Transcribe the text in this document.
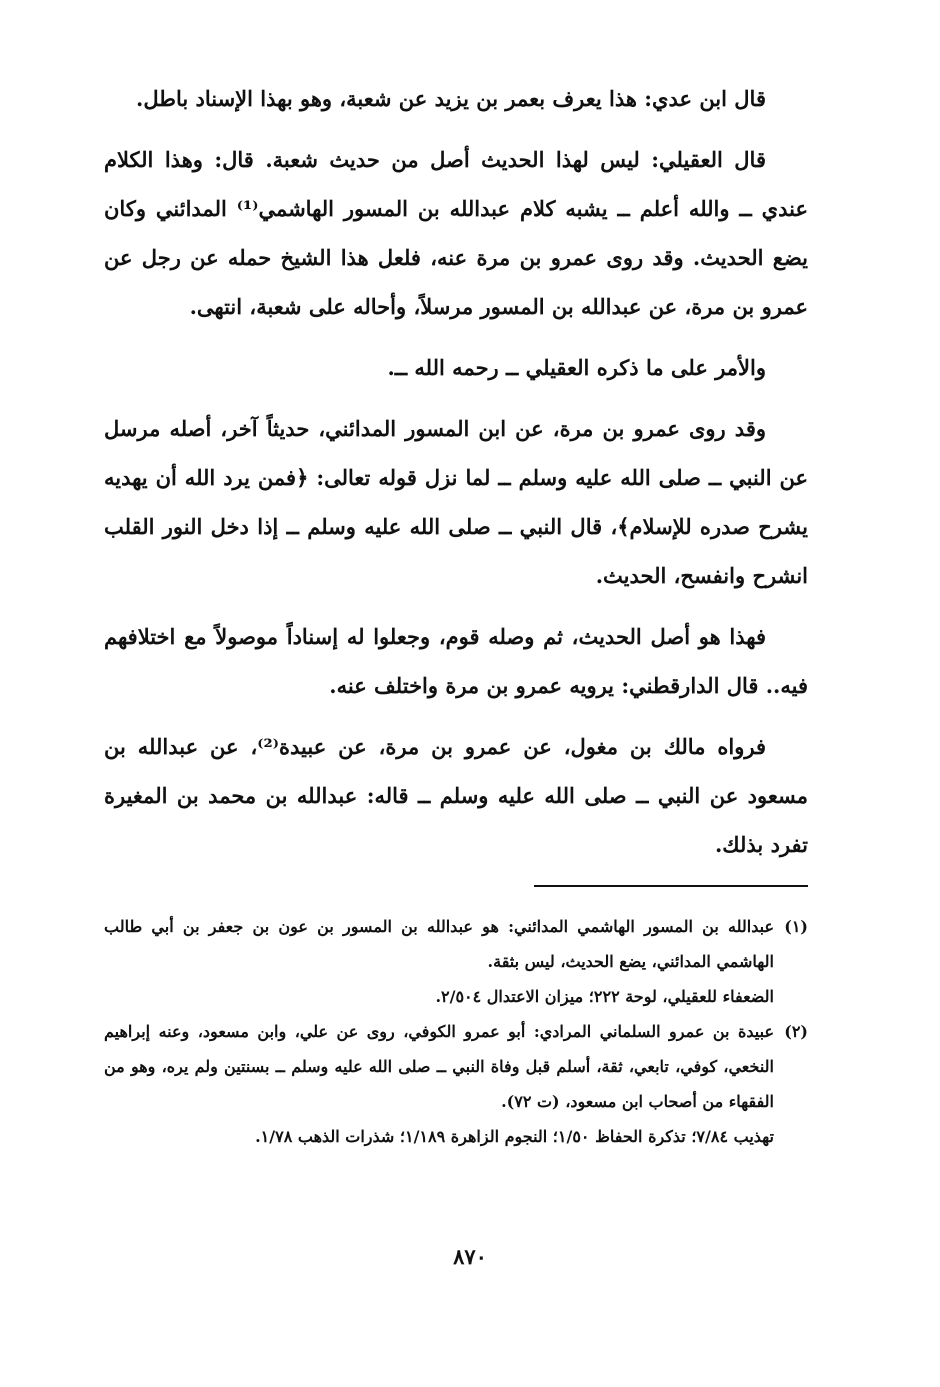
قال ابن عدي: هذا يعرف بعمر بن يزيد عن شعبة، وهو بهذا الإسناد باطل.

قال العقيلي: ليس لهذا الحديث أصل من حديث شعبة. قال: وهذا الكلام عندي ــ والله أعلم ــ يشبه كلام عبدالله بن المسور الهاشمي⁽¹⁾ المدائني وكان يضع الحديث. وقد روى عمرو بن مرة عنه، فلعل هذا الشيخ حمله عن رجل عن عمرو بن مرة، عن عبدالله بن المسور مرسلاً، وأحاله على شعبة، انتهى.

والأمر على ما ذكره العقيلي ــ رحمه الله ــ.

وقد روى عمرو بن مرة، عن ابن المسور المدائني، حديثاً آخر، أصله مرسل عن النبي ــ صلى الله عليه وسلم ــ لما نزل قوله تعالى: ﴿فمن يرد الله أن يهديه يشرح صدره للإسلام﴾، قال النبي ــ صلى الله عليه وسلم ــ إذا دخل النور القلب انشرح وانفسح، الحديث.

فهذا هو أصل الحديث، ثم وصله قوم، وجعلوا له إسناداً موصولاً مع اختلافهم فيه.. قال الدارقطني: يرويه عمرو بن مرة واختلف عنه.

فرواه مالك بن مغول، عن عمرو بن مرة، عن عبيدة⁽²⁾، عن عبدالله بن مسعود عن النبي ــ صلى الله عليه وسلم ــ قاله: عبدالله بن محمد بن المغيرة تفرد بذلك.

(١)
عبدالله بن المسور الهاشمي المدائني: هو عبدالله بن المسور بن عون بن جعفر بن أبي طالب الهاشمي المدائني، يضع الحديث، ليس بثقة.
الضعفاء للعقيلي، لوحة ٢٢٢؛ ميزان الاعتدال ٢/٥٠٤.
(٢)
عبيدة بن عمرو السلماني المرادي: أبو عمرو الكوفي، روى عن علي، وابن مسعود، وعنه إبراهيم النخعي، كوفي، تابعي، ثقة، أسلم قبل وفاة النبي ــ صلى الله عليه وسلم ــ بسنتين ولم يره، وهو من الفقهاء من أصحاب ابن مسعود، (ت ٧٢).
تهذيب ٧/٨٤؛ تذكرة الحفاظ ١/٥٠؛ النجوم الزاهرة ١/١٨٩؛ شذرات الذهب ١/٧٨.
٨٧٠
